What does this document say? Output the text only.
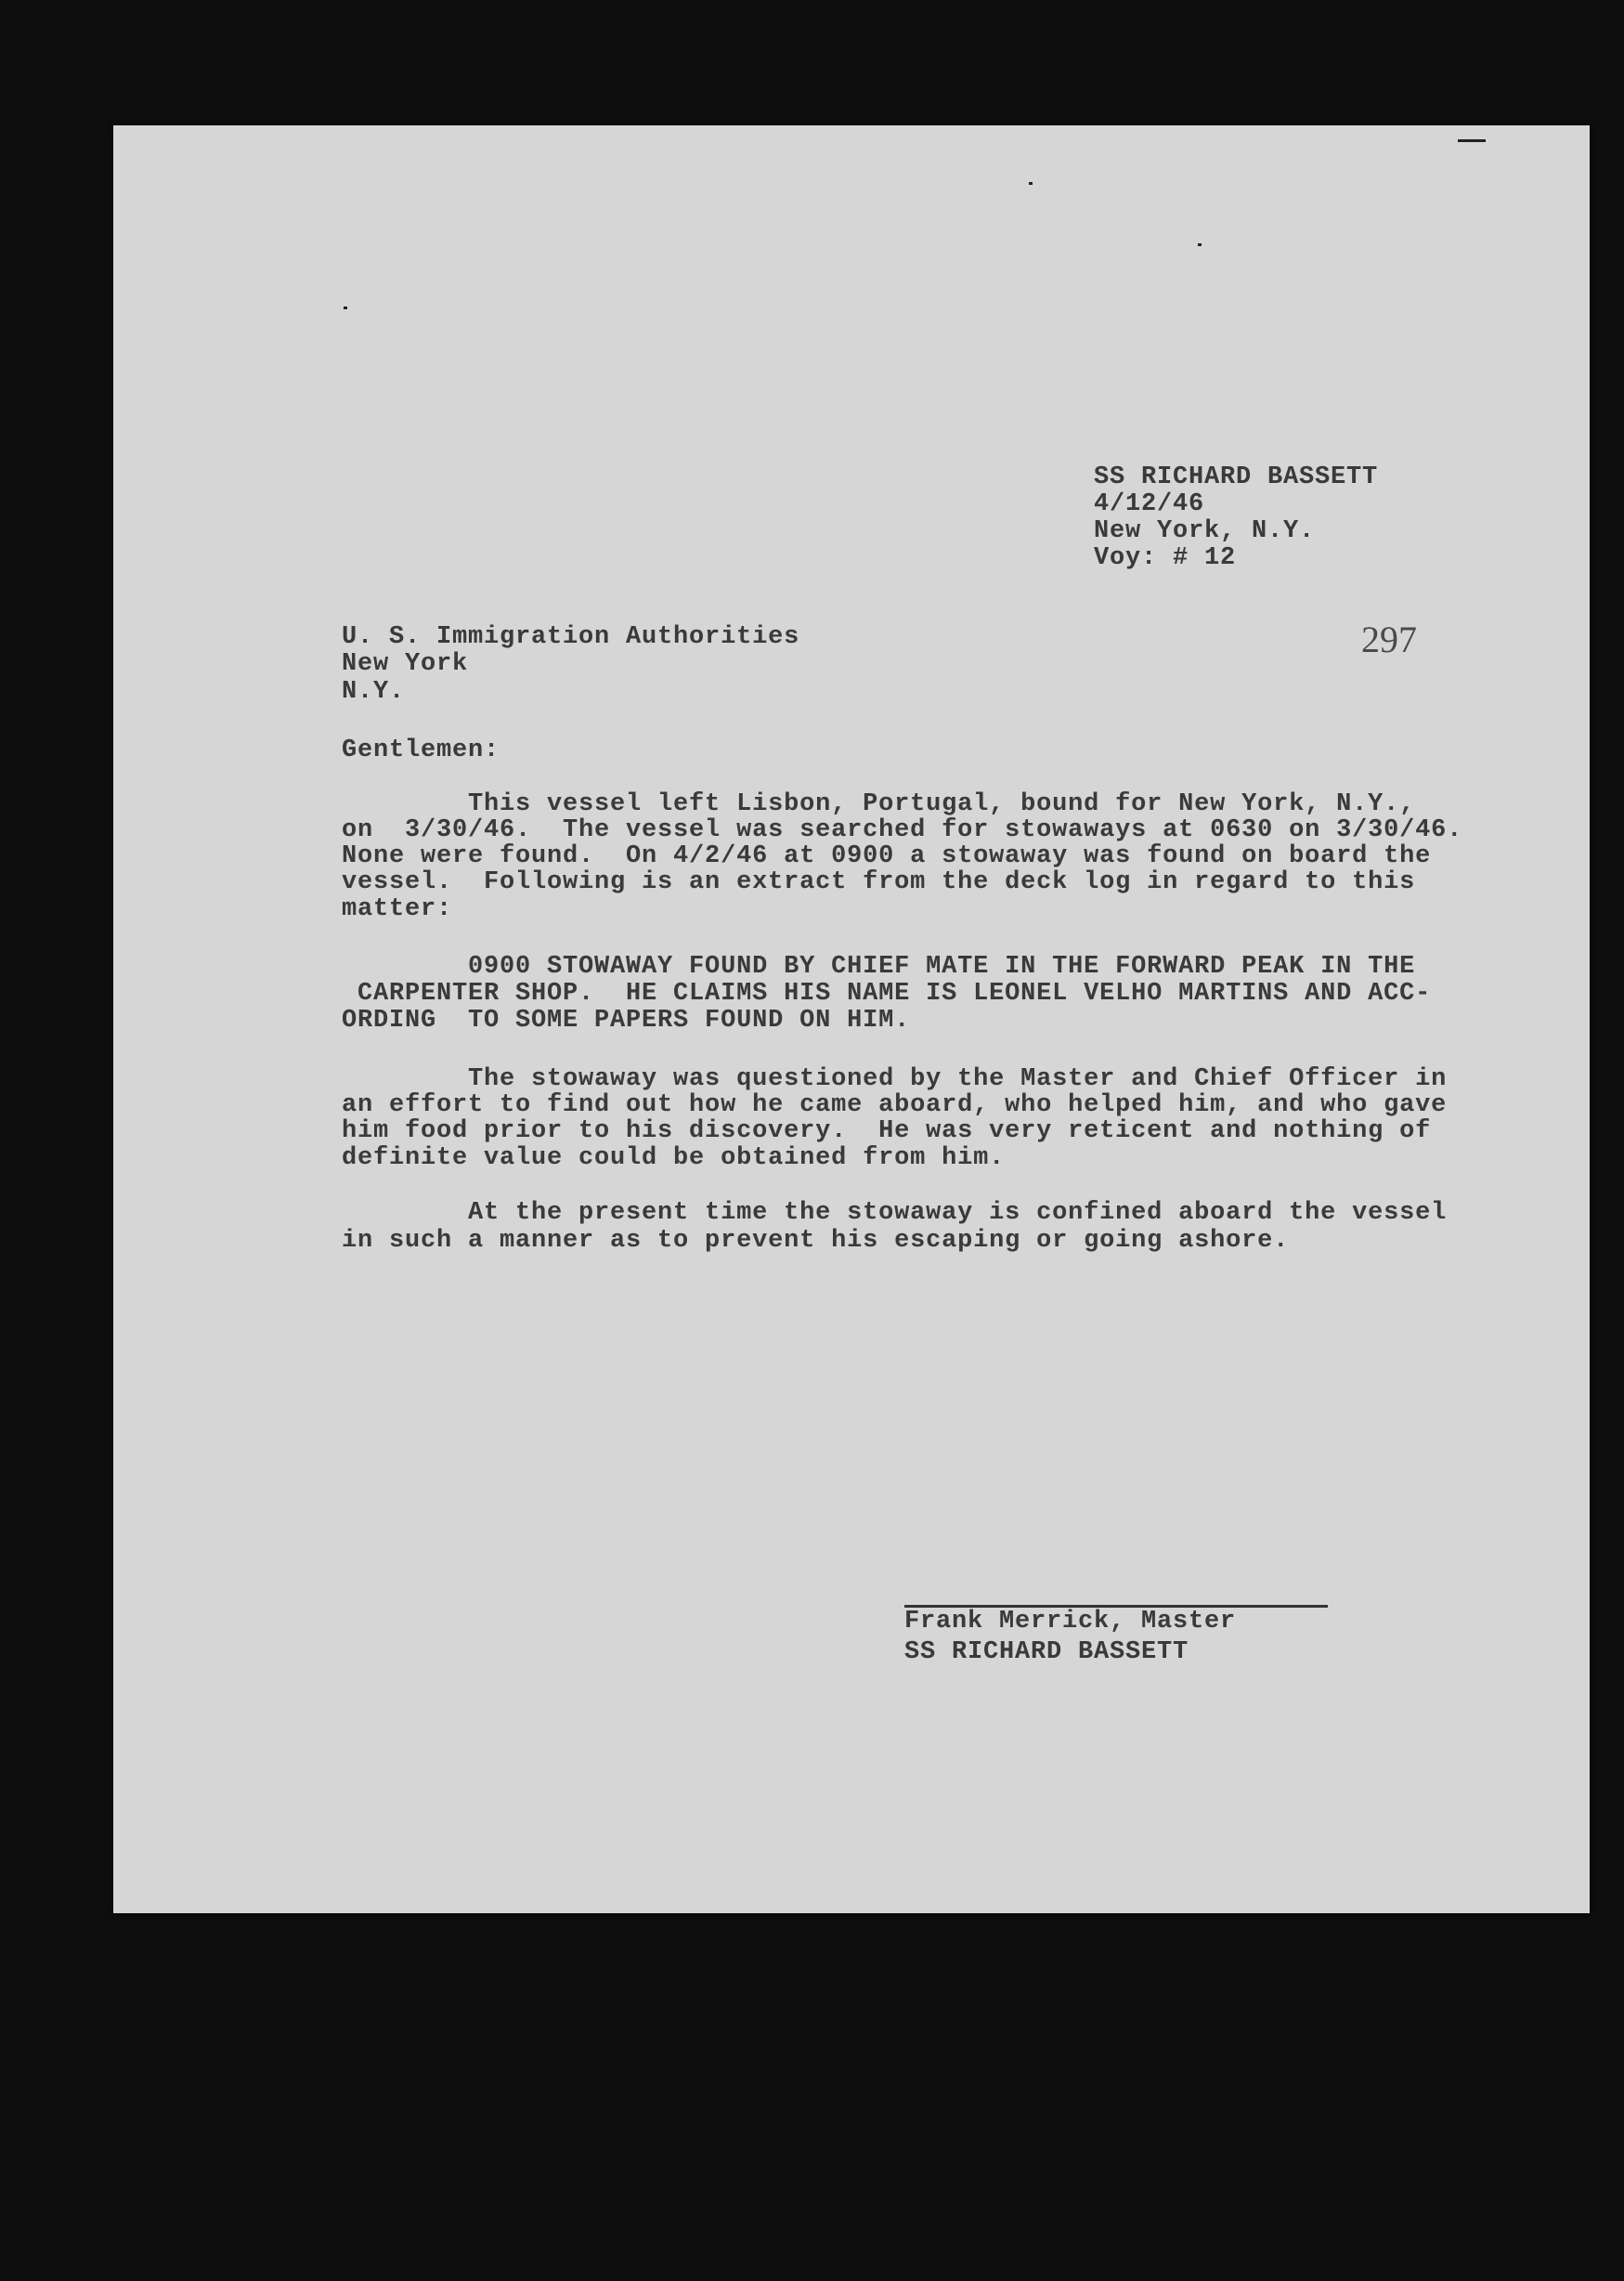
SS RICHARD BASSETT
4/12/46
New York, N.Y.
Voy: # 12
297
U. S. Immigration Authorities
New York
N.Y.
Gentlemen:
This vessel left Lisbon, Portugal, bound for New York, N.Y.,
on  3/30/46.  The vessel was searched for stowaways at 0630 on 3/30/46.
None were found.  On 4/2/46 at 0900 a stowaway was found on board the
vessel.  Following is an extract from the deck log in regard to this
matter:
0900 STOWAWAY FOUND BY CHIEF MATE IN THE FORWARD PEAK IN THE
CARPENTER SHOP.  HE CLAIMS HIS NAME IS LEONEL VELHO MARTINS AND ACC-
ORDING  TO SOME PAPERS FOUND ON HIM.
The stowaway was questioned by the Master and Chief Officer in
an effort to find out how he came aboard, who helped him, and who gave
him food prior to his discovery.  He was very reticent and nothing of
definite value could be obtained from him.
At the present time the stowaway is confined aboard the vessel
in such a manner as to prevent his escaping or going ashore.
Frank Merrick, Master
SS RICHARD BASSETT
